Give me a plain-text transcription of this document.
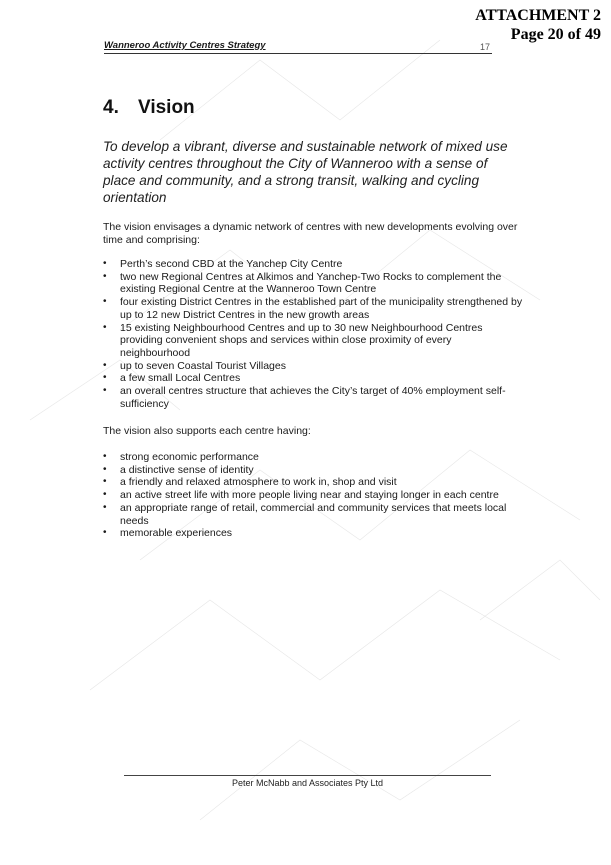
ATTACHMENT 2
Page 20 of 49
Wanneroo Activity Centres Strategy	17
4. Vision
To develop a vibrant, diverse and sustainable network of mixed use activity centres throughout the City of Wanneroo with a sense of place and community, and a strong transit, walking and cycling orientation
The vision envisages a dynamic network of centres with new developments evolving over time and comprising:
• Perth’s second CBD at the Yanchep City Centre
• two new Regional Centres at Alkimos and Yanchep-Two Rocks to complement the existing Regional Centre at the Wanneroo Town Centre
• four existing District Centres in the established part of the municipality strengthened by up to 12 new District Centres in the new growth areas
• 15 existing Neighbourhood Centres and up to 30 new Neighbourhood Centres providing convenient shops and services within close proximity of every neighbourhood
• up to seven Coastal Tourist Villages
• a few small Local Centres
• an overall centres structure that achieves the City’s target of 40% employment self-sufficiency
The vision also supports each centre having:
• strong economic performance
• a distinctive sense of identity
• a friendly and relaxed atmosphere to work in, shop and visit
• an active street life with more people living near and staying longer in each centre
• an appropriate range of retail, commercial and community services that meets local needs
• memorable experiences
Peter McNabb and Associates Pty Ltd
